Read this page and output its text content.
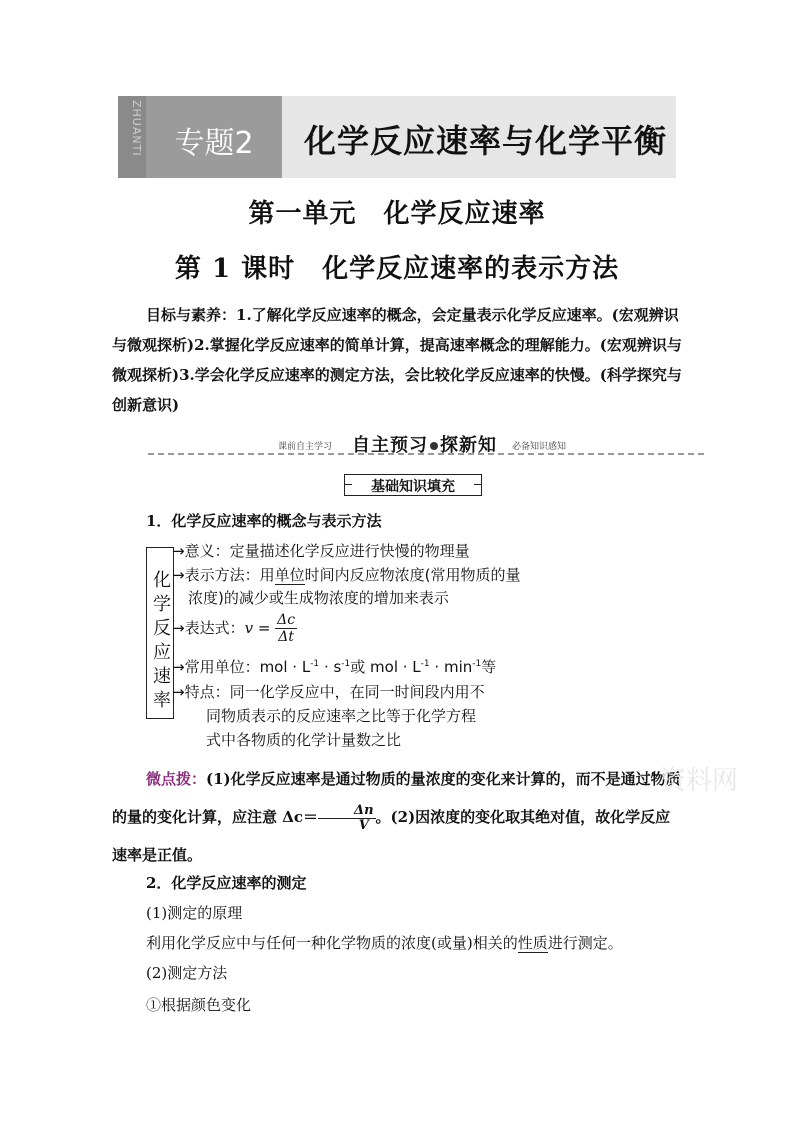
ZHUANTI	专题2	化学反应速率与化学平衡
第一单元　化学反应速率
第 1 课时　化学反应速率的表示方法
目标与素养：1.了解化学反应速率的概念，会定量表示化学反应速率。(宏观辨识与微观探析)2.掌握化学反应速率的简单计算，提高速率概念的理解能力。(宏观辨识与微观探析)3.学会化学反应速率的测定方法，会比较化学反应速率的快慢。(科学探究与创新意识)
课前自主学习 自主预习 探新知 必备知识感知
基础知识填充
1．化学反应速率的概念与表示方法
化学反应速率
→意义：定量描述化学反应进行快慢的物理量
→表示方法：用单位时间内反应物浓度(常用物质的量
浓度)的减少或生成物浓度的增加来表示
→表达式：$v = \frac{\Delta c}{\Delta t}$
→常用单位：mol · $L^{-1} \cdot s^{-1}$或 mol · $L^{-1} \cdot \min^{-1}$等
→特点：同一化学反应中，在同一时间段内用不
同物质表示的反应速率之比等于化学方程
式中各物质的化学计量数之比
微点拨：(1)化学反应速率是通过物质的量浓度的变化来计算的，而不是通过物质的量的变化计算，应注意 $\Delta c= \frac{\Delta n}{V}$ 。(2)因浓度的变化取其绝对值，故化学反应速率是正值。
资料网
2．化学反应速率的测定
(1)测定的原理
利用化学反应中与任何一种化学物质的浓度(或量)相关的性质进行测定。
(2)测定方法
①根据颜色变化
